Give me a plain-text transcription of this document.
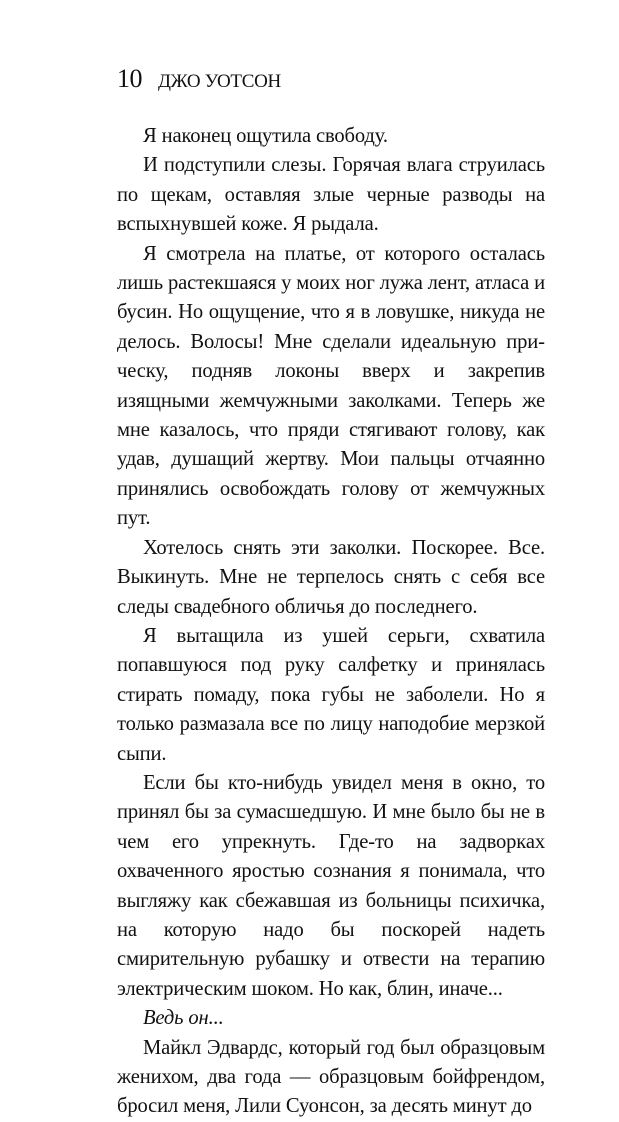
10 ДЖО УОТСОН

Я наконец ощутила свободу.

И подступили слезы. Горячая влага струилась по щекам, оставляя злые черные разводы на вспыхнувшей коже. Я рыдала.

Я смотрела на платье, от которого осталась лишь растекшаяся у моих ног лужа лент, атласа и бусин. Но ощущение, что я в ловушке, никуда не делось. Волосы! Мне сделали идеальную прическу, подняв локоны вверх и закрепив изящными жемчужными заколками. Теперь же мне казалось, что пряди стягивают голову, как удав, душащий жертву. Мои пальцы отчаянно принялись освобождать голову от жемчужных пут.

Хотелось снять эти заколки. Поскорее. Все. Выкинуть. Мне не терпелось снять с себя все следы свадебного обличья до последнего.

Я вытащила из ушей серьги, схватила попавшуюся под руку салфетку и принялась стирать помаду, пока губы не заболели. Но я только размазала все по лицу наподобие мерзкой сыпи.

Если бы кто-нибудь увидел меня в окно, то принял бы за сумасшедшую. И мне было бы не в чем его упрекнуть. Где-то на задворках охваченного яростью сознания я понимала, что выгляжу как сбежавшая из больницы психичка, на которую надо бы поскорей надеть смирительную рубашку и отвести на терапию электрическим шоком. Но как, блин, иначе...

Ведь он...

Майкл Эдвардс, который год был образцовым женихом, два года — образцовым бойфрендом, бросил меня, Лили Суонсон, за десять минут до
